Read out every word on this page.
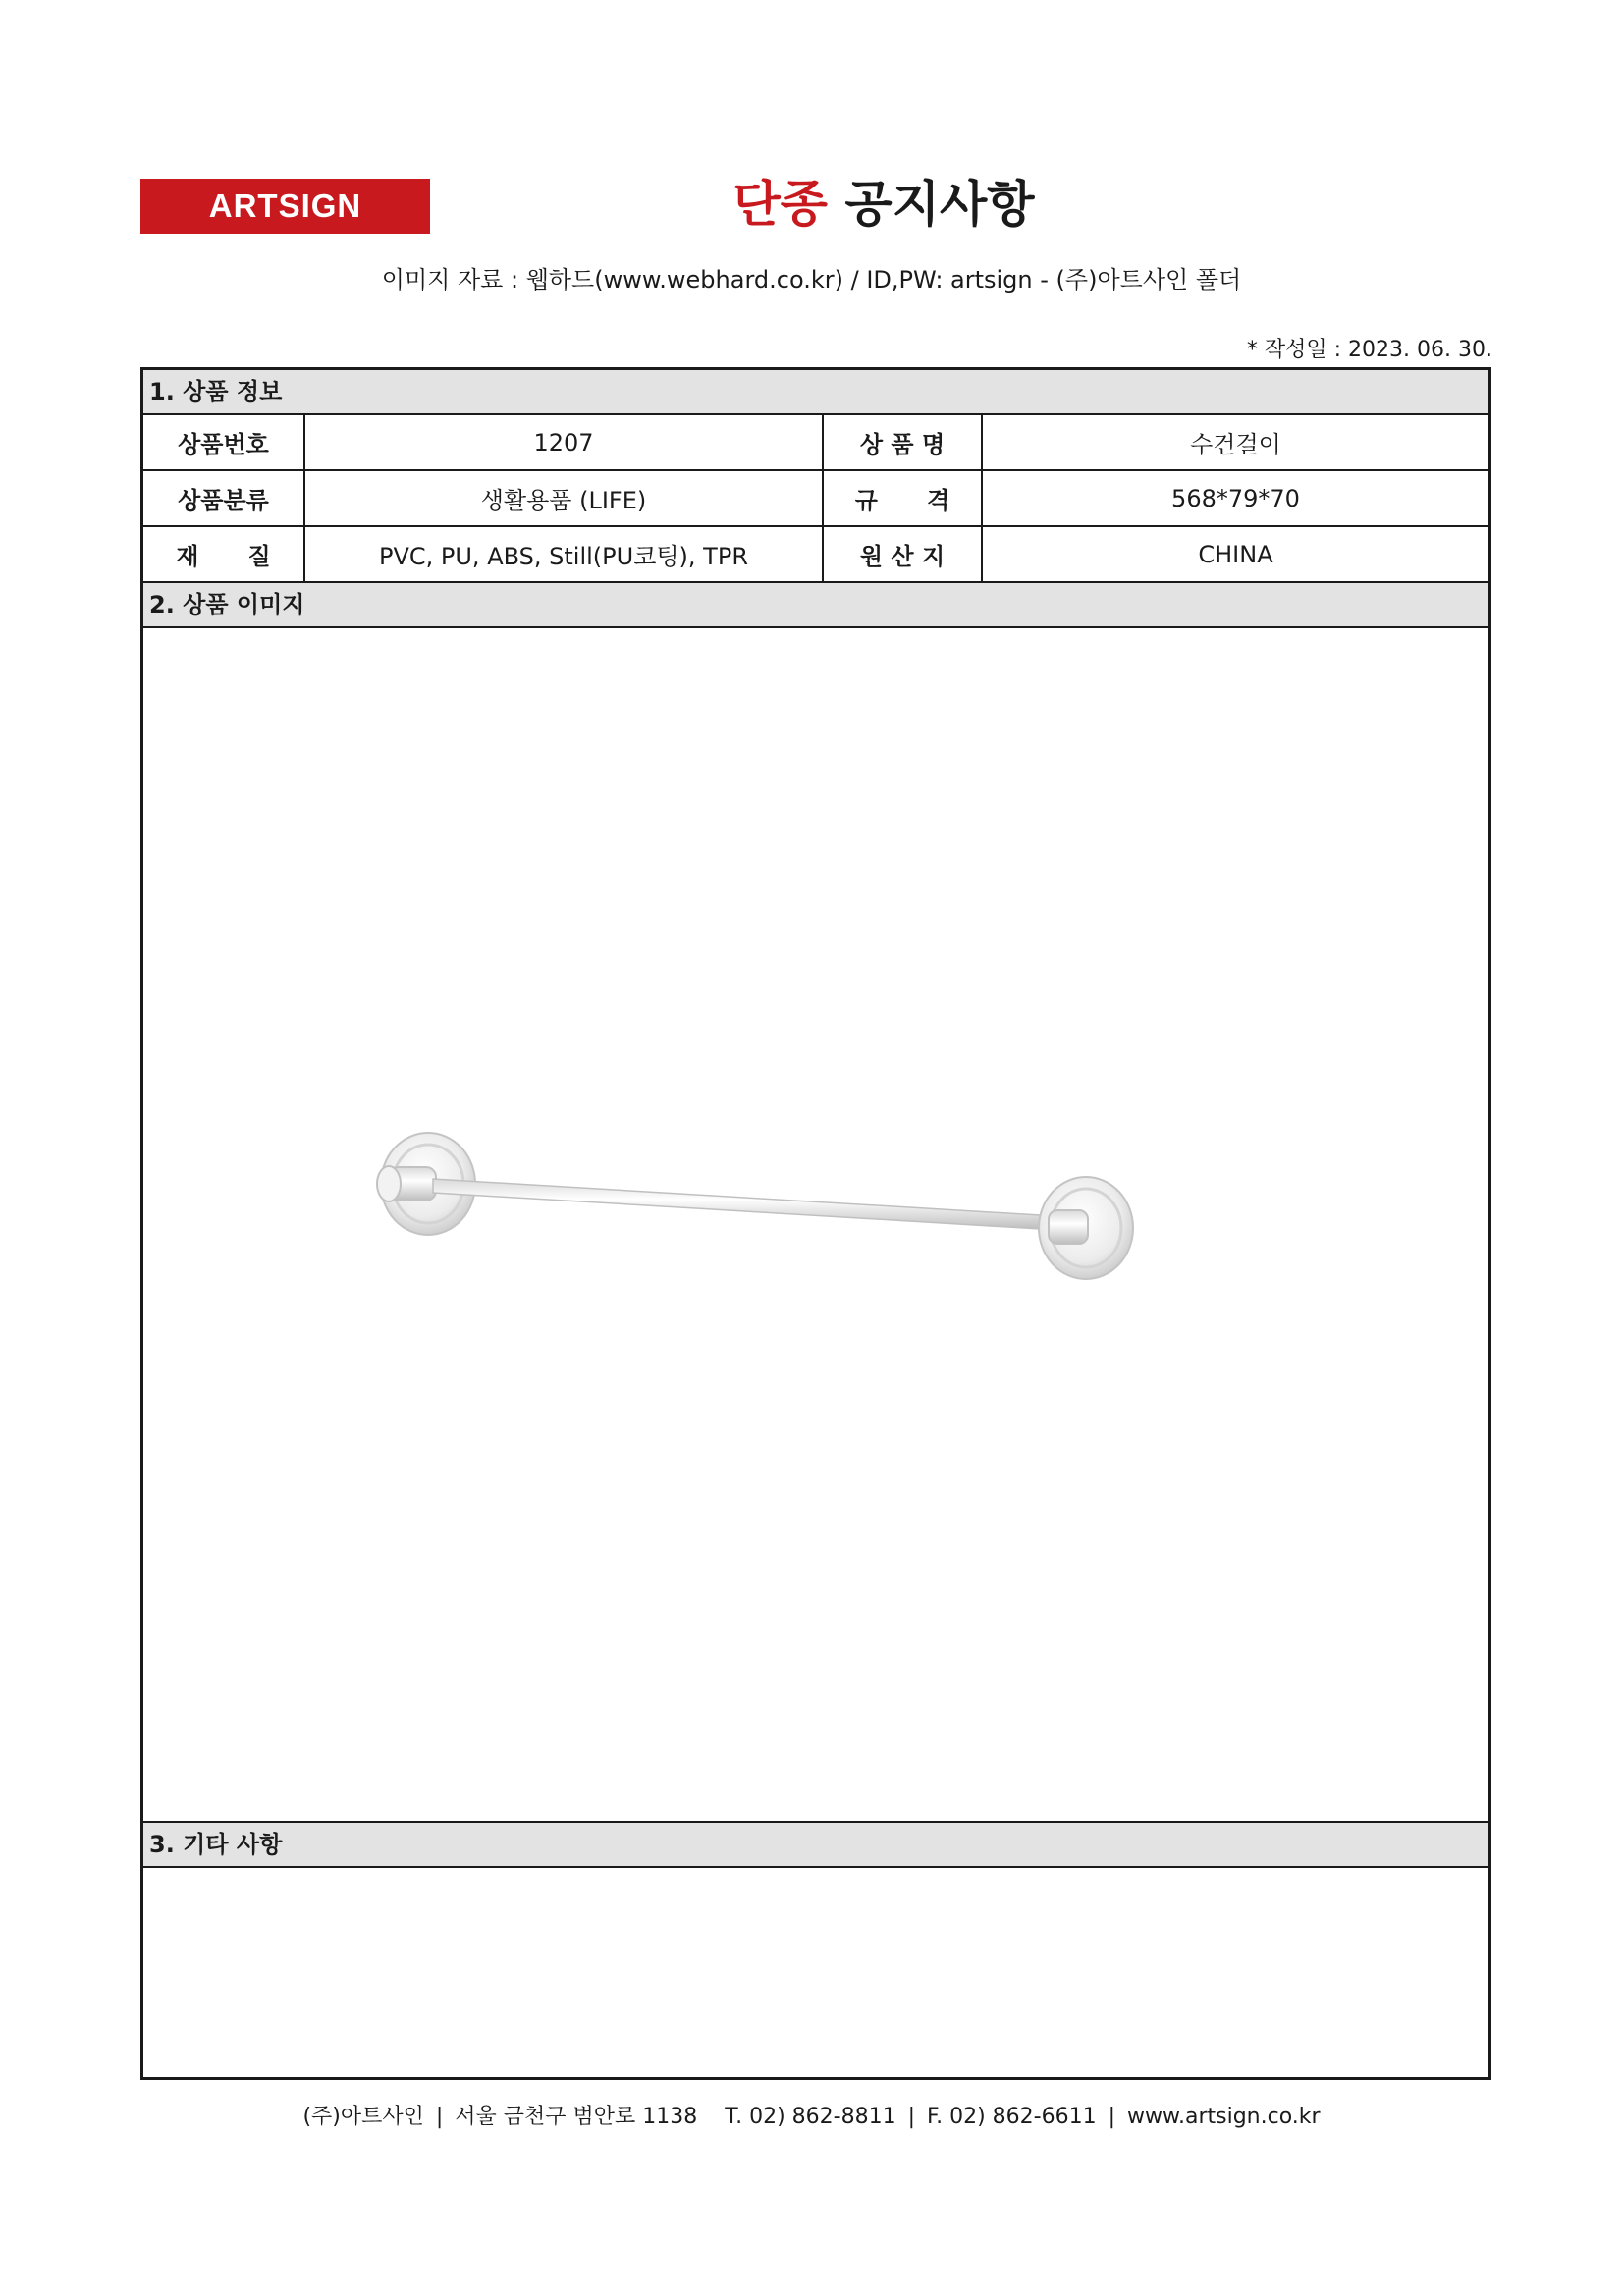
ARTSIGN	단종 공지사항
이미지 자료 : 웹하드(www.webhard.co.kr) / ID,PW: artsign - (주)아트사인 폴더
* 작성일 : 2023. 06. 30.
1. 상품 정보
상품번호	1207	상 품 명	수건걸이
상품분류	생활용품 (LIFE)	규      격	568*79*70
재      질	PVC, PU, ABS, Still(PU코팅), TPR	원 산 지	CHINA
2. 상품 이미지
3. 기타 사항
(주)아트사인 | 서울 금천구 범안로 1138 T. 02) 862-8811 | F. 02) 862-6611 | www.artsign.co.kr
